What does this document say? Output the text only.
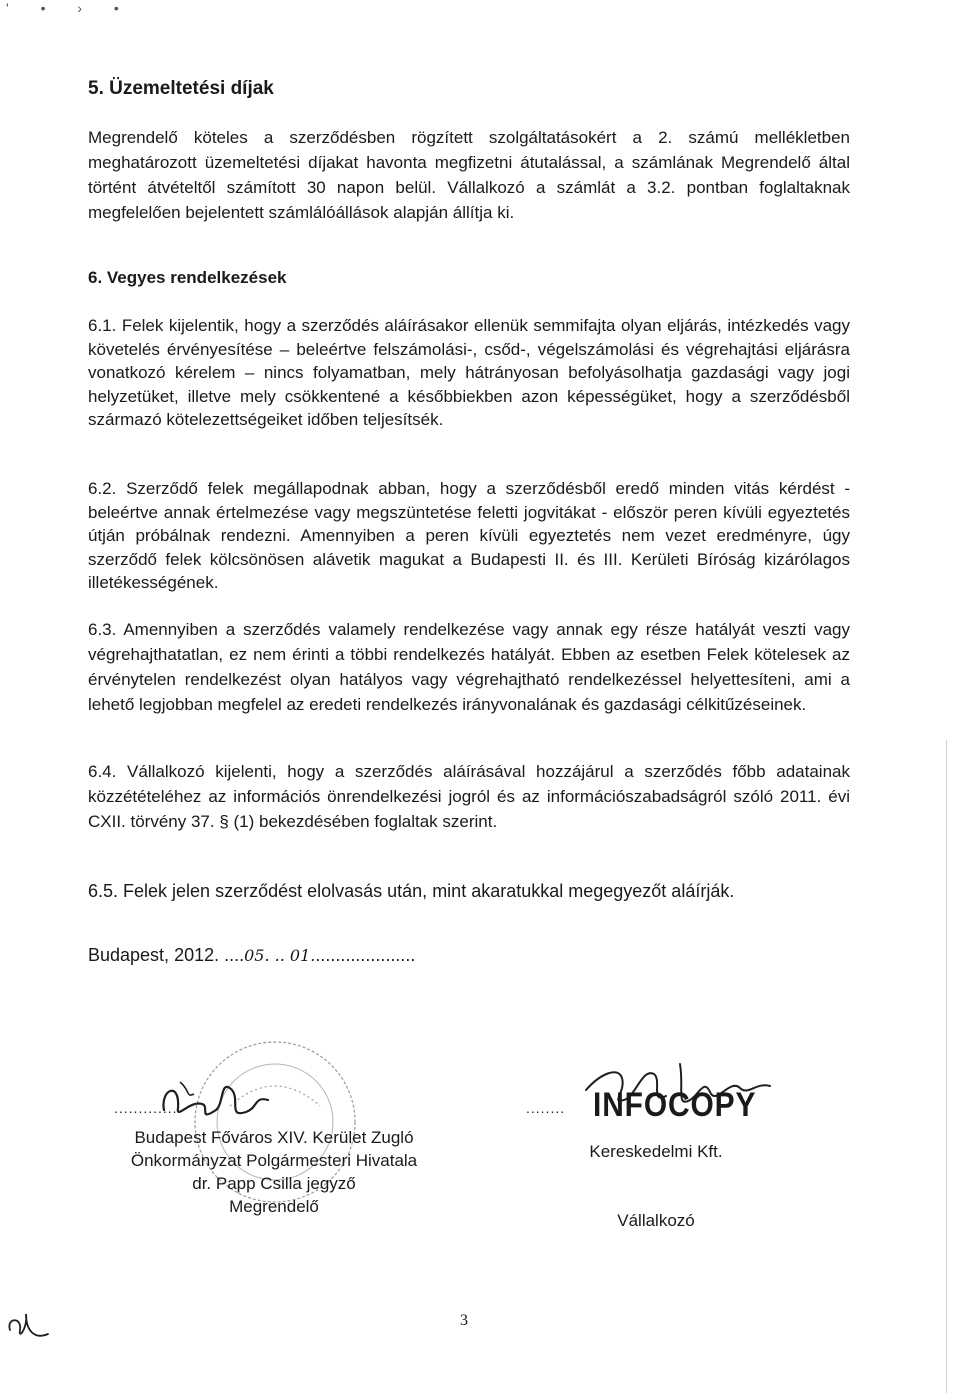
' • › •
5. Üzemeltetési díjak

Megrendelő köteles a szerződésben rögzített szolgáltatásokért a 2. számú mellékletben meghatározott üzemeltetési díjakat havonta megfizetni átutalással, a számlának Megrendelő által történt átvételtől számított 30 napon belül. Vállalkozó a számlát a 3.2. pontban foglaltaknak megfelelően bejelentett számlálóállások alapján állítja ki.

6. Vegyes rendelkezések

6.1. Felek kijelentik, hogy a szerződés aláírásakor ellenük semmifajta olyan eljárás, intézkedés vagy követelés érvényesítése – beleértve felszámolási-, csőd-, végelszámolási és végrehajtási eljárásra vonatkozó kérelem – nincs folyamatban, mely hátrányosan befolyásolhatja gazdasági vagy jogi helyzetüket, illetve mely csökkentené a későbbiekben azon képességüket, hogy a szerződésből származó kötelezettségeiket időben teljesítsék.

6.2. Szerződő felek megállapodnak abban, hogy a szerződésből eredő minden vitás kérdést - beleértve annak értelmezése vagy megszüntetése feletti jogvitákat - először peren kívüli egyeztetés útján próbálnak rendezni. Amennyiben a peren kívüli egyeztetés nem vezet eredményre, úgy szerződő felek kölcsönösen alávetik magukat a Budapesti II. és III. Kerületi Bíróság kizárólagos illetékességének.

6.3. Amennyiben a szerződés valamely rendelkezése vagy annak egy része hatályát veszti vagy végrehajthatatlan, ez nem érinti a többi rendelkezés hatályát. Ebben az esetben Felek kötelesek az érvénytelen rendelkezést olyan hatályos vagy végrehajtható rendelkezéssel helyettesíteni, ami a lehető legjobban megfelel az eredeti rendelkezés irányvonalának és gazdasági célkitűzéseinek.

6.4. Vállalkozó kijelenti, hogy a szerződés aláírásával hozzájárul a szerződés főbb adatainak közzétételéhez az információs önrendelkezési jogról és az információszabadságról szóló 2011. évi CXII. törvény 37. § (1) bekezdésében foglaltak szerint.

6.5. Felek jelen szerződést elolvasás után, mint akaratukkal megegyezőt aláírják.

Budapest, 2012. ....05. .. 01.....................

..............
Budapest Főváros XIV. Kerület Zugló
Önkormányzat Polgármesteri Hivatala
dr. Papp Csilla jegyző
Megrendelő
........ INFOCOPY
Kereskedelmi Kft.
Vállalkozó

3
